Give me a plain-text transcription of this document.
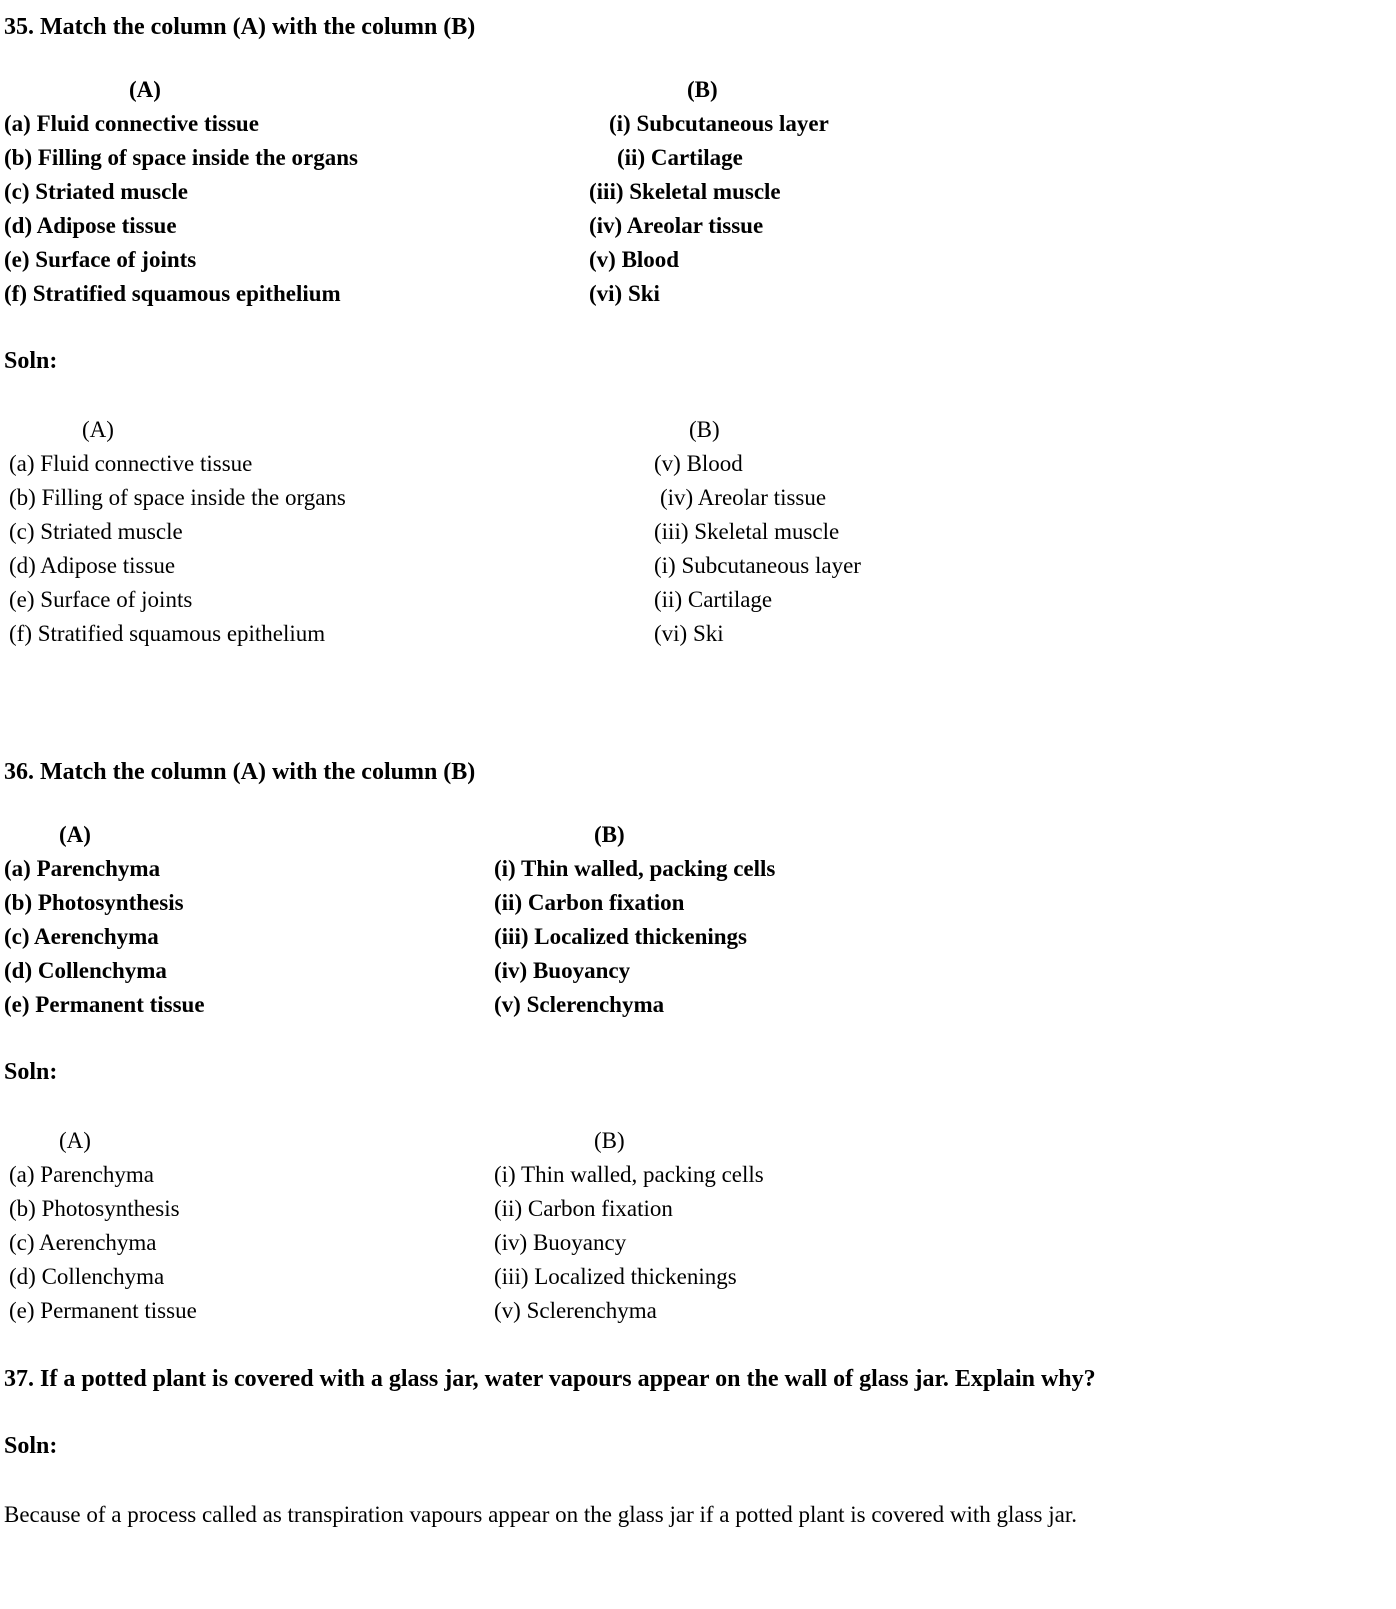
35. Match the column (A) with the column (B)
(A)	(B)
(a) Fluid connective tissue	(i) Subcutaneous layer
(b) Filling of space inside the organs	(ii) Cartilage
(c) Striated muscle	(iii) Skeletal muscle
(d) Adipose tissue	(iv) Areolar tissue
(e) Surface of joints	(v) Blood
(f) Stratified squamous epithelium	(vi) Ski

Soln:

(A)	(B)
(a) Fluid connective tissue	(v) Blood
(b) Filling of space inside the organs	(iv) Areolar tissue
(c) Striated muscle	(iii) Skeletal muscle
(d) Adipose tissue	(i) Subcutaneous layer
(e) Surface of joints	(ii) Cartilage
(f) Stratified squamous epithelium	(vi) Ski
36. Match the column (A) with the column (B)
(A)	(B)
(a) Parenchyma	(i) Thin walled, packing cells
(b) Photosynthesis	(ii) Carbon fixation
(c) Aerenchyma	(iii) Localized thickenings
(d) Collenchyma	(iv) Buoyancy
(e) Permanent tissue	(v) Sclerenchyma

Soln:

(A)	(B)
(a) Parenchyma	(i) Thin walled, packing cells
(b) Photosynthesis	(ii) Carbon fixation
(c) Aerenchyma	(iv) Buoyancy
(d) Collenchyma	(iii) Localized thickenings
(e) Permanent tissue	(v) Sclerenchyma
37. If a potted plant is covered with a glass jar, water vapours appear on the wall of glass jar. Explain why?

Soln:

Because of a process called as transpiration vapours appear on the glass jar if a potted plant is covered with glass jar.
